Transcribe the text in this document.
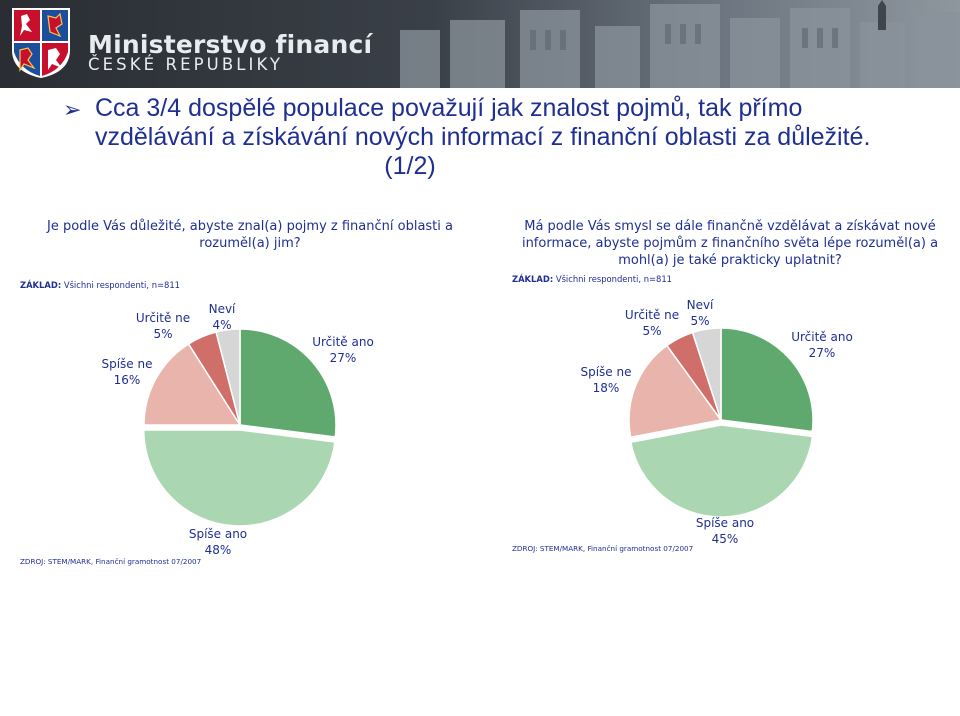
Ministerstvo financí
ČESKÉ REPUBLIKY
➢ Cca 3/4 dospělé populace považují jak znalost pojmů, tak přímo vzdělávání a získávání nových informací z finanční oblasti za důležité.
(1/2)
Je podle Vás důležité, abyste znal(a) pojmy z finanční oblasti a rozuměl(a) jim?
Má podle Vás smysl se dále finančně vzdělávat a získávat nové informace, abyste pojmům z finančního světa lépe rozuměl(a) a mohl(a) je také prakticky uplatnit?
ZÁKLAD: Všichni respondenti, n=811
ZÁKLAD: Všichni respondenti, n=811
ZDROJ: STEM/MARK, Finanční gramotnost 07/2007
ZDROJ: STEM/MARK, Finanční gramotnost 07/2007
Určitě ano 27%
Spíše ano 48%
Spíše ne 16%
Určitě ne 5%
Neví 4%
Určitě ano 27%
Spíše ano 45%
Spíše ne 18%
Určitě ne 5%
Neví 5%
